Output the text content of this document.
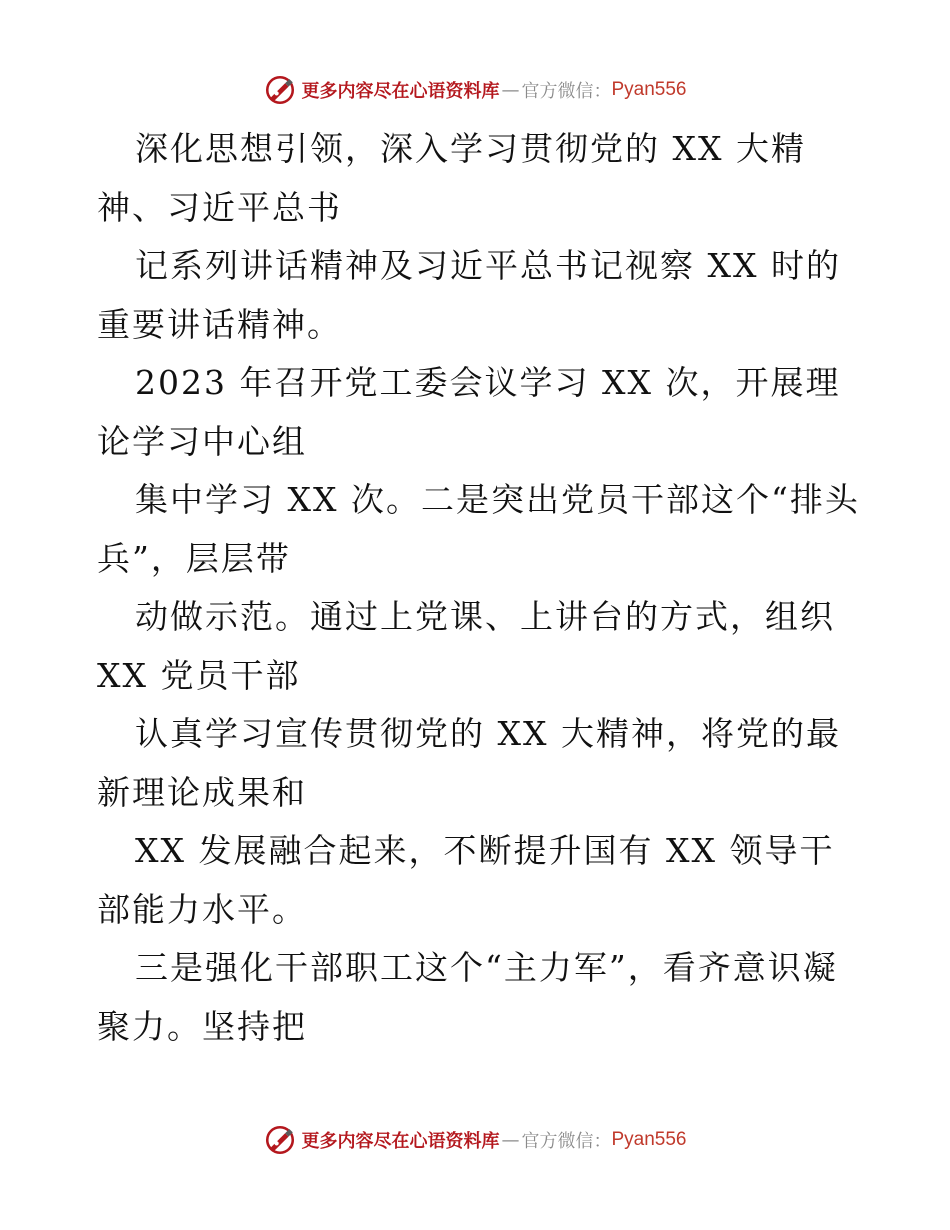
更多内容尽在心语资料库 — 官方微信： Pyan556

深化思想引领，深入学习贯彻党的 XX 大精神、习近平总书

记系列讲话精神及习近平总书记视察 XX 时的重要讲话精神。

2023 年召开党工委会议学习 XX 次，开展理论学习中心组

集中学习 XX 次。二是突出党员干部这个“排头兵”，层层带

动做示范。通过上党课、上讲台的方式，组织 XX 党员干部

认真学习宣传贯彻党的 XX 大精神，将党的最新理论成果和

XX 发展融合起来，不断提升国有 XX 领导干部能力水平。

三是强化干部职工这个“主力军”，看齐意识凝聚力。坚持把

更多内容尽在心语资料库 — 官方微信： Pyan556
